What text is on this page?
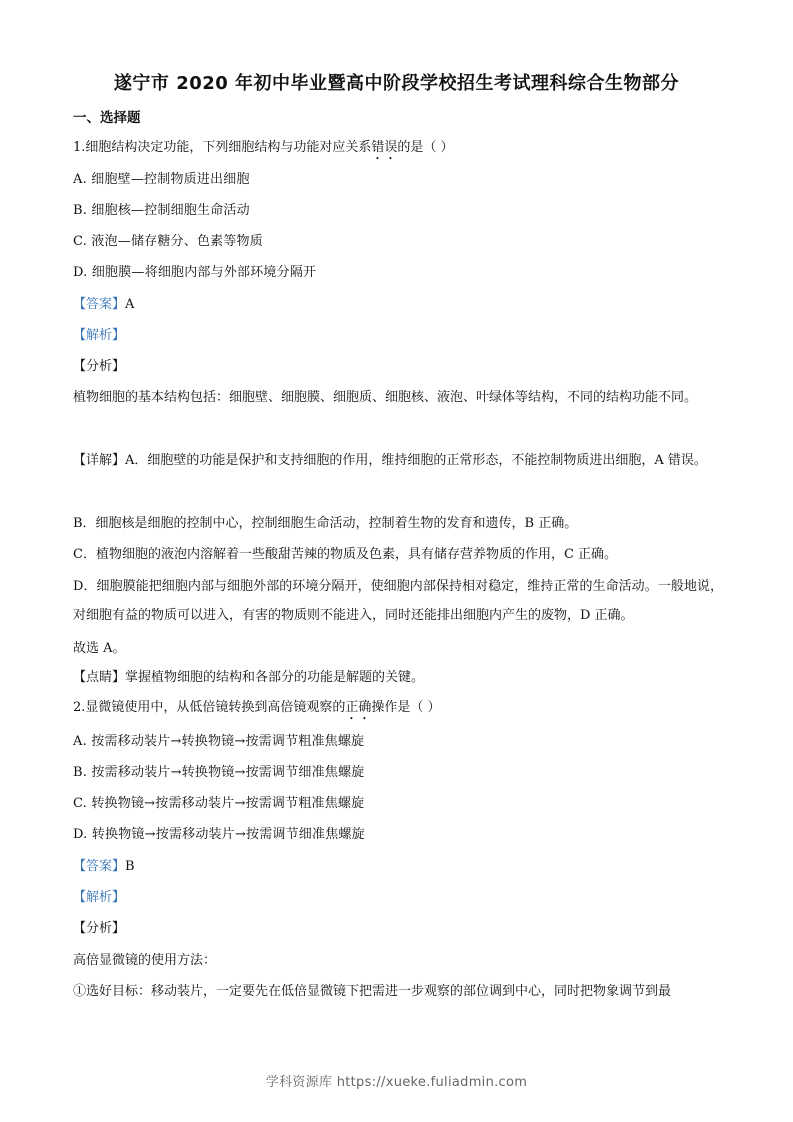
遂宁市 2020 年初中毕业暨高中阶段学校招生考试理科综合生物部分
一、选择题
1.细胞结构决定功能，下列细胞结构与功能对应关系错误的是（ ）
A. 细胞壁—控制物质进出细胞
B. 细胞核—控制细胞生命活动
C. 液泡—储存糖分、色素等物质
D. 细胞膜—将细胞内部与外部环境分隔开
【答案】A
【解析】
【分析】
植物细胞的基本结构包括：细胞壁、细胞膜、细胞质、细胞核、液泡、叶绿体等结构，不同的结构功能不同。
【详解】A．细胞壁的功能是保护和支持细胞的作用，维持细胞的正常形态，不能控制物质进出细胞，A 错误。
B．细胞核是细胞的控制中心，控制细胞生命活动，控制着生物的发育和遗传，B 正确。
C．植物细胞的液泡内溶解着一些酸甜苦辣的物质及色素，具有储存营养物质的作用，C 正确。
D．细胞膜能把细胞内部与细胞外部的环境分隔开，使细胞内部保持相对稳定，维持正常的生命活动。一般地说，对细胞有益的物质可以进入，有害的物质则不能进入，同时还能排出细胞内产生的废物，D 正确。
故选 A。
【点睛】掌握植物细胞的结构和各部分的功能是解题的关键。
2.显微镜使用中，从低倍镜转换到高倍镜观察的正确操作是（ ）
A. 按需移动装片→转换物镜→按需调节粗准焦螺旋
B. 按需移动装片→转换物镜→按需调节细准焦螺旋
C. 转换物镜→按需移动装片→按需调节粗准焦螺旋
D. 转换物镜→按需移动装片→按需调节细准焦螺旋
【答案】B
【解析】
【分析】
高倍显微镜的使用方法：
①选好目标：移动装片，一定要先在低倍显微镜下把需进一步观察的部位调到中心，同时把物象调节到最
学科资源库 https://xueke.fuliadmin.com
